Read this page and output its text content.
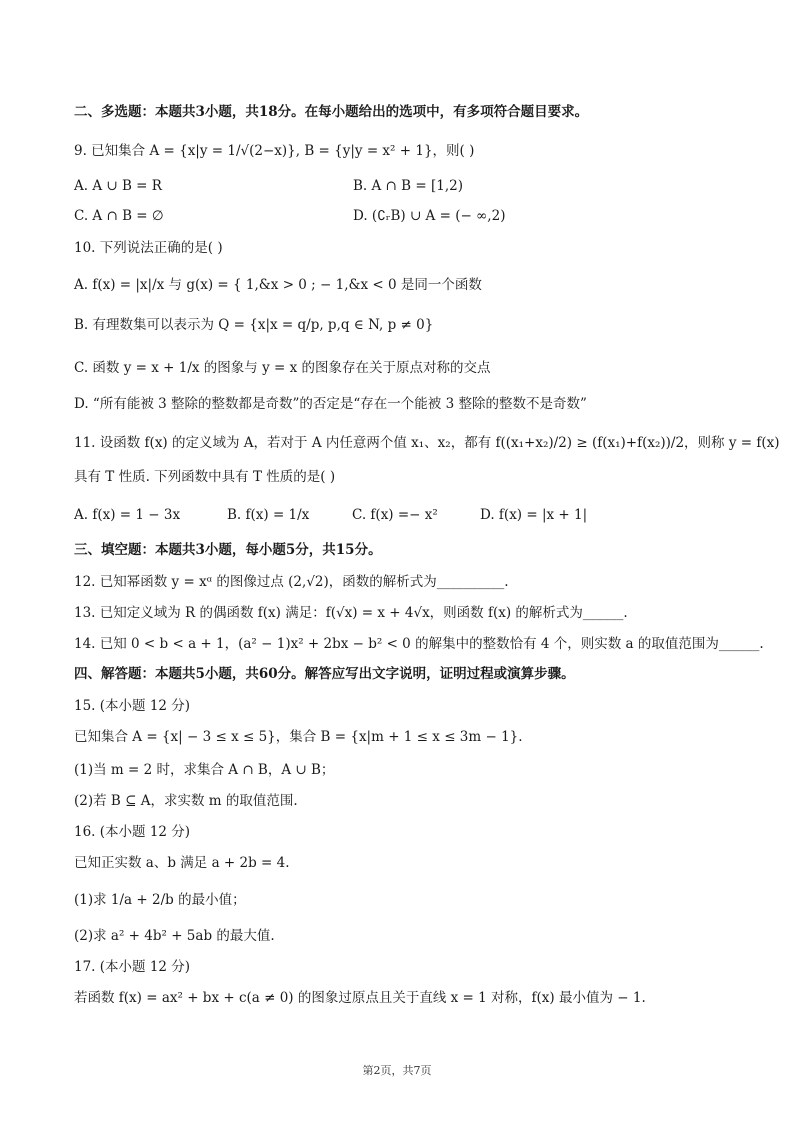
二、多选题：本题共3小题，共18分。在每小题给出的选项中，有多项符合题目要求。
9. 已知集合 A = {x|y = 1/√(2−x)}, B = {y|y = x² + 1}，则( )
A. A ∪ B = R	B. A ∩ B = [1,2)
C. A ∩ B = ∅	D. (∁ᵣB) ∪ A = (− ∞,2)
10. 下列说法正确的是( )
A. f(x) = |x|/x 与 g(x) = { 1,&x > 0 ; − 1,&x < 0 是同一个函数
B. 有理数集可以表示为 Q = {x|x = q/p, p,q ∈ N, p ≠ 0}
C. 函数 y = x + 1/x 的图象与 y = x 的图象存在关于原点对称的交点
D. “所有能被 3 整除的整数都是奇数”的否定是“存在一个能被 3 整除的整数不是奇数”
11. 设函数 f(x) 的定义域为 A，若对于 A 内任意两个值 x₁、x₂，都有 f((x₁+x₂)/2) ≥ (f(x₁)+f(x₂))/2，则称 y = f(x)
具有 T 性质. 下列函数中具有 T 性质的是( )
A. f(x) = 1 − 3x	B. f(x) = 1/x	C. f(x) =− x²	D. f(x) = |x + 1|
三、填空题：本题共3小题，每小题5分，共15分。
12. 已知幂函数 y = xᵅ 的图像过点 (2,√2)，函数的解析式为__________.
13. 已知定义域为 R 的偶函数 f(x) 满足：f(√x) = x + 4√x，则函数 f(x) 的解析式为______.
14. 已知 0 < b < a + 1，(a² − 1)x² + 2bx − b² < 0 的解集中的整数恰有 4 个，则实数 a 的取值范围为______.
四、解答题：本题共5小题，共60分。解答应写出文字说明，证明过程或演算步骤。
15. (本小题 12 分)
已知集合 A = {x| − 3 ≤ x ≤ 5}，集合 B = {x|m + 1 ≤ x ≤ 3m − 1}.
(1)当 m = 2 时，求集合 A ∩ B，A ∪ B；
(2)若 B ⊆ A，求实数 m 的取值范围.
16. (本小题 12 分)
已知正实数 a、b 满足 a + 2b = 4.
(1)求 1/a + 2/b 的最小值；
(2)求 a² + 4b² + 5ab 的最大值.
17. (本小题 12 分)
若函数 f(x) = ax² + bx + c(a ≠ 0) 的图象过原点且关于直线 x = 1 对称，f(x) 最小值为 − 1.
第2页，共7页
